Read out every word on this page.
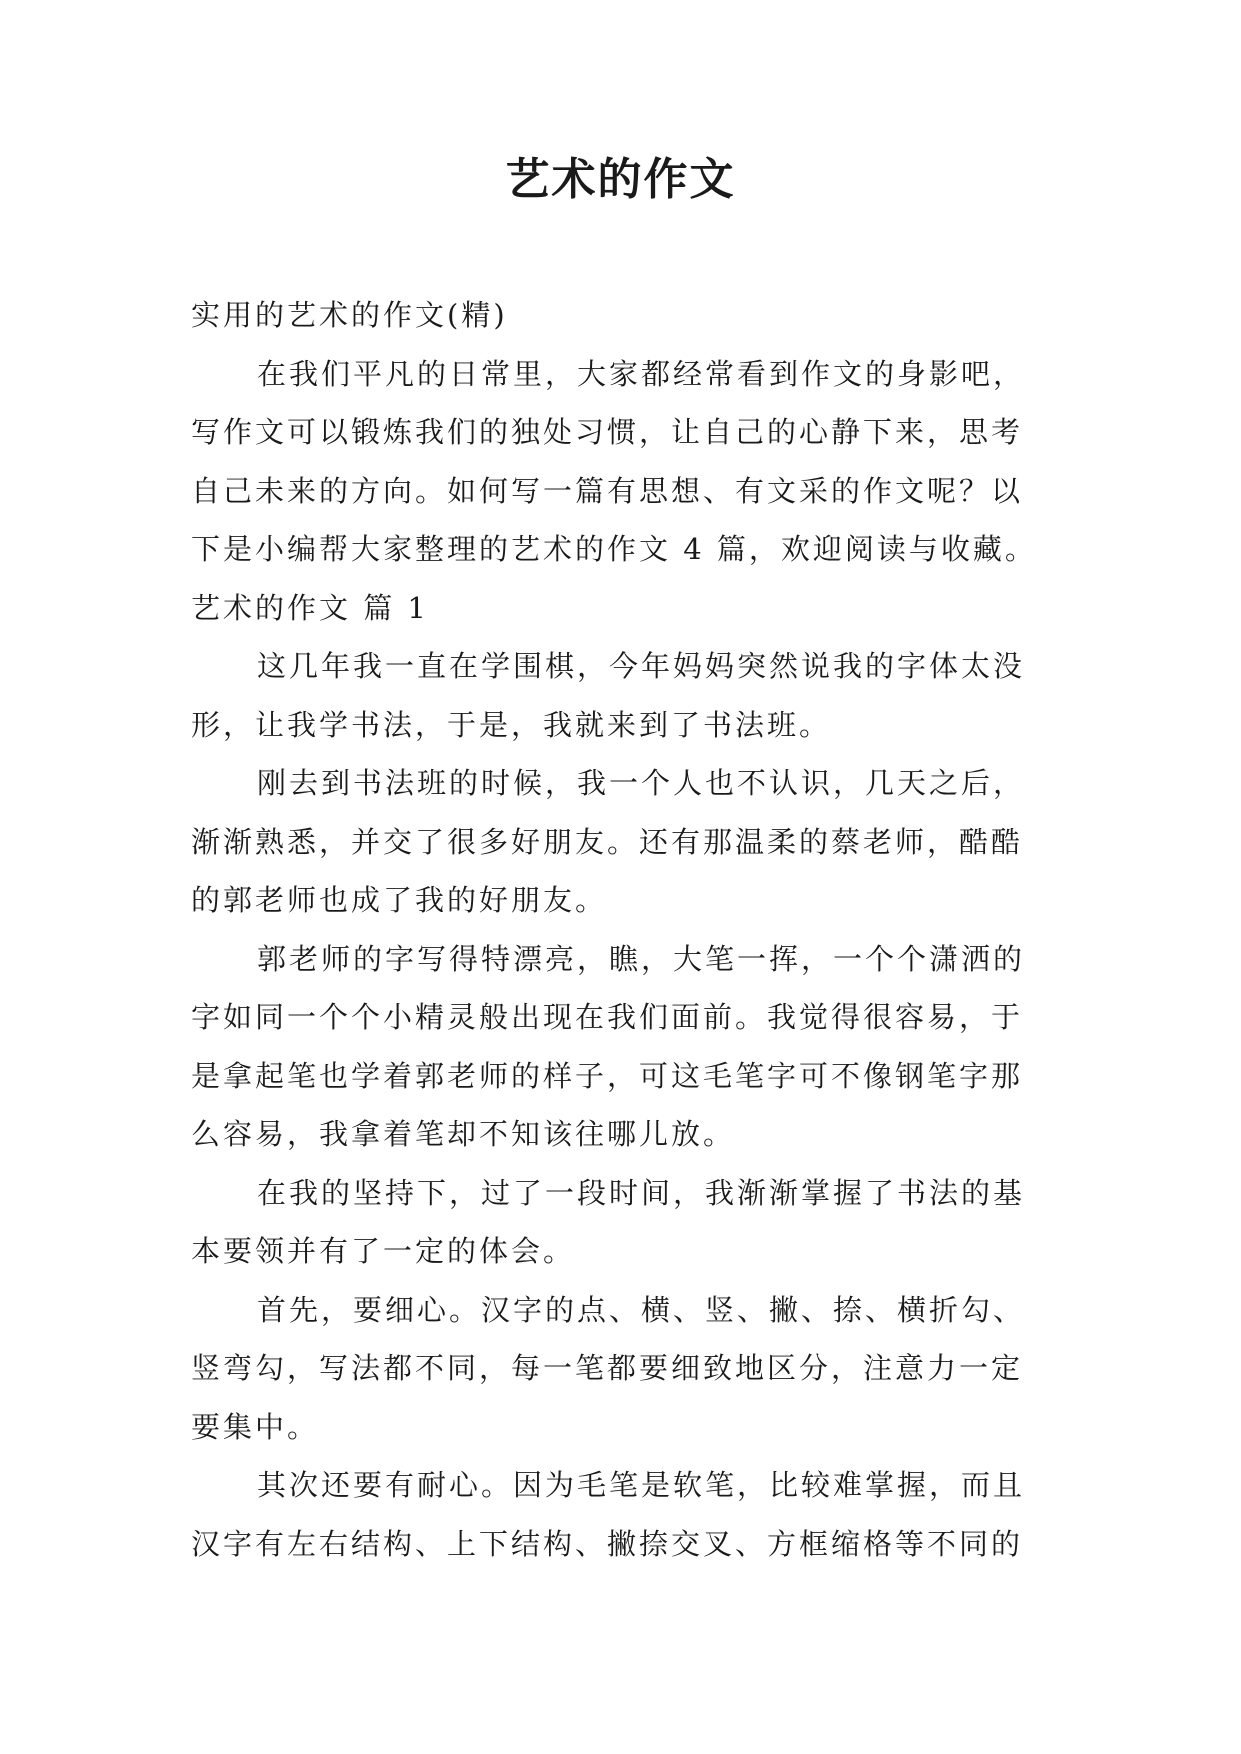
艺术的作文
实用的艺术的作文(精)
在我们平凡的日常里，大家都经常看到作文的身影吧，
写作文可以锻炼我们的独处习惯，让自己的心静下来，思考
自己未来的方向。如何写一篇有思想、有文采的作文呢？以
下是小编帮大家整理的艺术的作文 4 篇，欢迎阅读与收藏。
艺术的作文 篇 1
这几年我一直在学围棋，今年妈妈突然说我的字体太没
形，让我学书法，于是，我就来到了书法班。
刚去到书法班的时候，我一个人也不认识，几天之后，
渐渐熟悉，并交了很多好朋友。还有那温柔的蔡老师，酷酷
的郭老师也成了我的好朋友。
郭老师的字写得特漂亮，瞧，大笔一挥，一个个潇洒的
字如同一个个小精灵般出现在我们面前。我觉得很容易，于
是拿起笔也学着郭老师的样子，可这毛笔字可不像钢笔字那
么容易，我拿着笔却不知该往哪儿放。
在我的坚持下，过了一段时间，我渐渐掌握了书法的基
本要领并有了一定的体会。
首先，要细心。汉字的点、横、竖、撇、捺、横折勾、
竖弯勾，写法都不同，每一笔都要细致地区分，注意力一定
要集中。
其次还要有耐心。因为毛笔是软笔，比较难掌握，而且
汉字有左右结构、上下结构、撇捺交叉、方框缩格等不同的
